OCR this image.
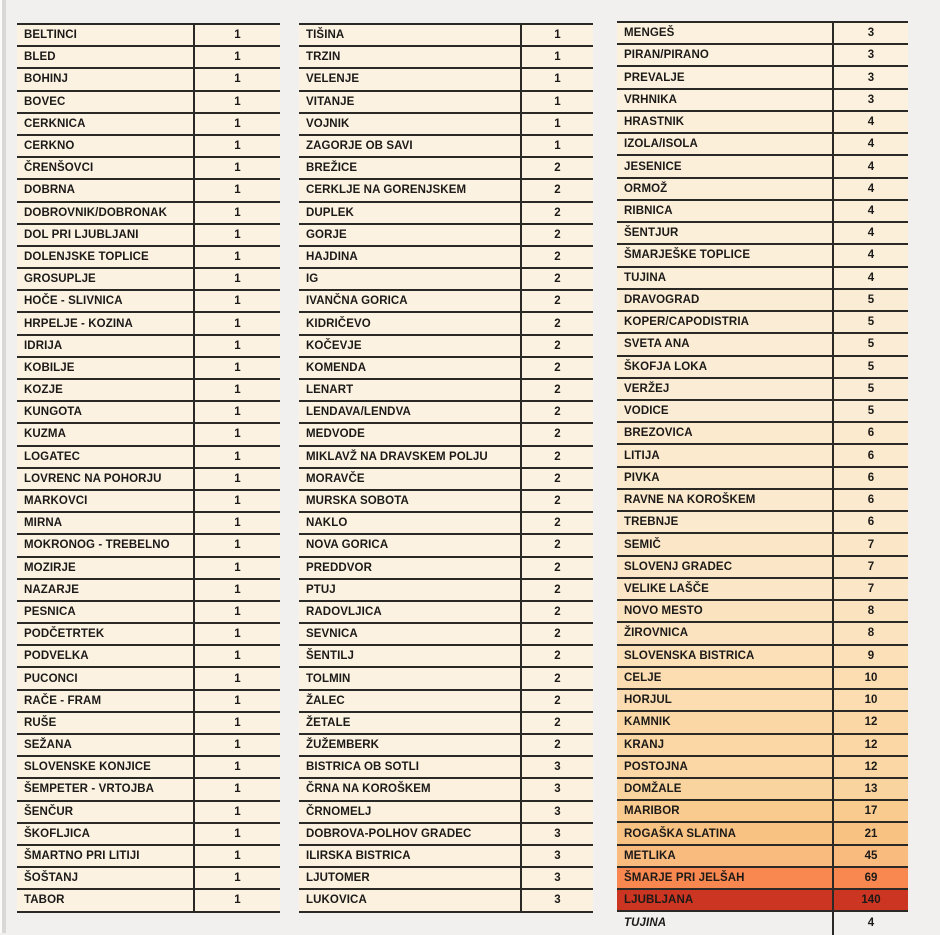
BELTINCI	1
BLED	1
BOHINJ	1
BOVEC	1
CERKNICA	1
CERKNO	1
ČRENŠOVCI	1
DOBRNA	1
DOBROVNIK/DOBRONAK	1
DOL PRI LJUBLJANI	1
DOLENJSKE TOPLICE	1
GROSUPLJE	1
HOČE - SLIVNICA	1
HRPELJE - KOZINA	1
IDRIJA	1
KOBILJE	1
KOZJE	1
KUNGOTA	1
KUZMA	1
LOGATEC	1
LOVRENC NA POHORJU	1
MARKOVCI	1
MIRNA	1
MOKRONOG - TREBELNO	1
MOZIRJE	1
NAZARJE	1
PESNICA	1
PODČETRTEK	1
PODVELKA	1
PUCONCI	1
RAČE - FRAM	1
RUŠE	1
SEŽANA	1
SLOVENSKE KONJICE	1
ŠEMPETER - VRTOJBA	1
ŠENČUR	1
ŠKOFLJICA	1
ŠMARTNO PRI LITIJI	1
ŠOŠTANJ	1
TABOR	1
TIŠINA	1
TRZIN	1
VELENJE	1
VITANJE	1
VOJNIK	1
ZAGORJE OB SAVI	1
BREŽICE	2
CERKLJE NA GORENJSKEM	2
DUPLEK	2
GORJE	2
HAJDINA	2
IG	2
IVANČNA GORICA	2
KIDRIČEVO	2
KOČEVJE	2
KOMENDA	2
LENART	2
LENDAVA/LENDVA	2
MEDVODE	2
MIKLAVŽ NA DRAVSKEM POLJU	2
MORAVČE	2
MURSKA SOBOTA	2
NAKLO	2
NOVA GORICA	2
PREDDVOR	2
PTUJ	2
RADOVLJICA	2
SEVNICA	2
ŠENTILJ	2
TOLMIN	2
ŽALEC	2
ŽETALE	2
ŽUŽEMBERK	2
BISTRICA OB SOTLI	3
ČRNA NA KOROŠKEM	3
ČRNOMELJ	3
DOBROVA-POLHOV GRADEC	3
ILIRSKA BISTRICA	3
LJUTOMER	3
LUKOVICA	3
MENGEŠ	3
PIRAN/PIRANO	3
PREVALJE	3
VRHNIKA	3
HRASTNIK	4
IZOLA/ISOLA	4
JESENICE	4
ORMOŽ	4
RIBNICA	4
ŠENTJUR	4
ŠMARJEŠKE TOPLICE	4
TUJINA	4
DRAVOGRAD	5
KOPER/CAPODISTRIA	5
SVETA ANA	5
ŠKOFJA LOKA	5
VERŽEJ	5
VODICE	5
BREZOVICA	6
LITIJA	6
PIVKA	6
RAVNE NA KOROŠKEM	6
TREBNJE	6
SEMIČ	7
SLOVENJ GRADEC	7
VELIKE LAŠČE	7
NOVO MESTO	8
ŽIROVNICA	8
SLOVENSKA BISTRICA	9
CELJE	10
HORJUL	10
KAMNIK	12
KRANJ	12
POSTOJNA	12
DOMŽALE	13
MARIBOR	17
ROGAŠKA SLATINA	21
METLIKA	45
ŠMARJE PRI JELŠAH	69
LJUBLJANA	140
TUJINA	4
